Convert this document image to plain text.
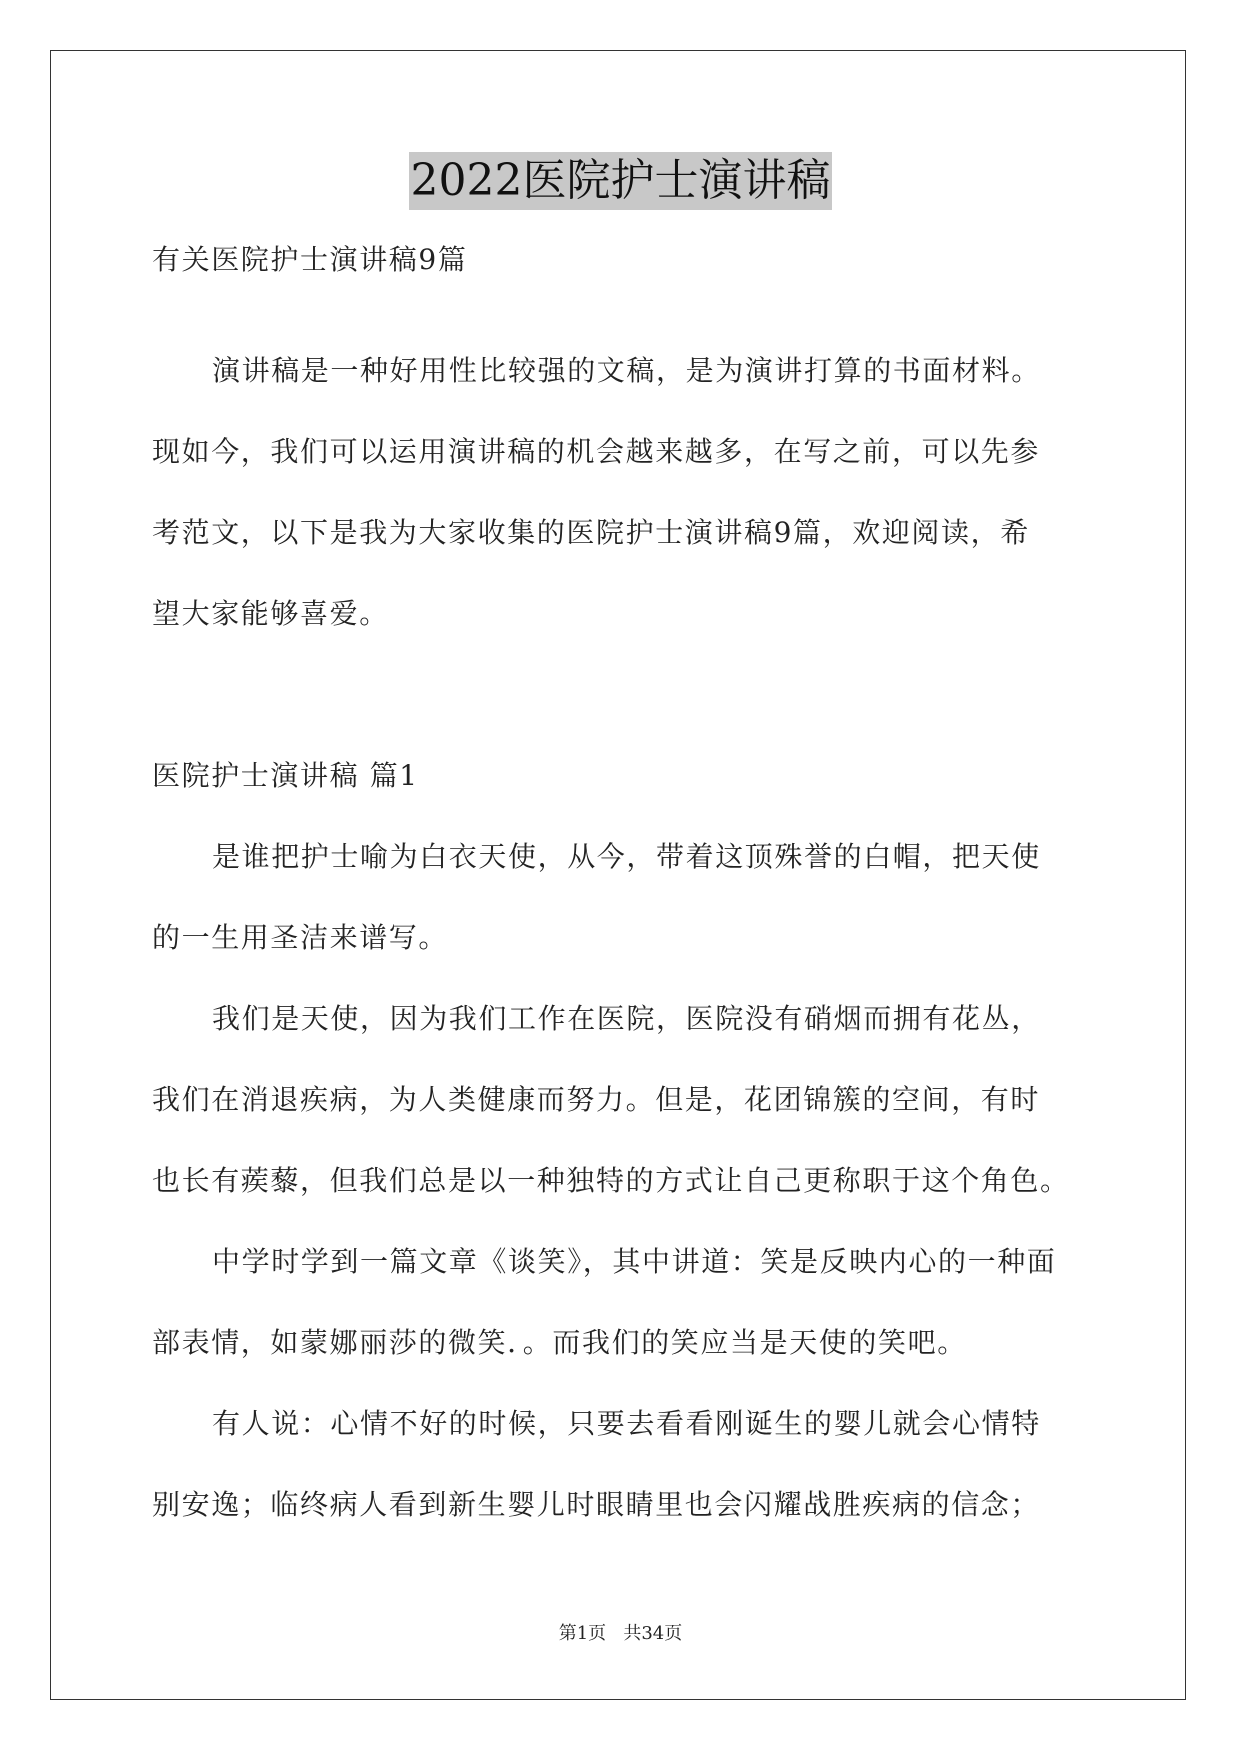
2022医院护士演讲稿
有关医院护士演讲稿9篇
演讲稿是一种好用性比较强的文稿，是为演讲打算的书面材料。
现如今，我们可以运用演讲稿的机会越来越多，在写之前，可以先参
考范文，以下是我为大家收集的医院护士演讲稿9篇，欢迎阅读，希
望大家能够喜爱。
医院护士演讲稿 篇1
是谁把护士喻为白衣天使，从今，带着这顶殊誉的白帽，把天使
的一生用圣洁来谱写。
我们是天使，因为我们工作在医院，医院没有硝烟而拥有花丛，
我们在消退疾病，为人类健康而努力。但是，花团锦簇的空间，有时
也长有蒺藜，但我们总是以一种独特的方式让自己更称职于这个角色。
中学时学到一篇文章《谈笑》，其中讲道：笑是反映内心的一种面
部表情，如蒙娜丽莎的微笑．。而我们的笑应当是天使的笑吧。
有人说：心情不好的时候，只要去看看刚诞生的婴儿就会心情特
别安逸；临终病人看到新生婴儿时眼睛里也会闪耀战胜疾病的信念；
第1页   共34页
